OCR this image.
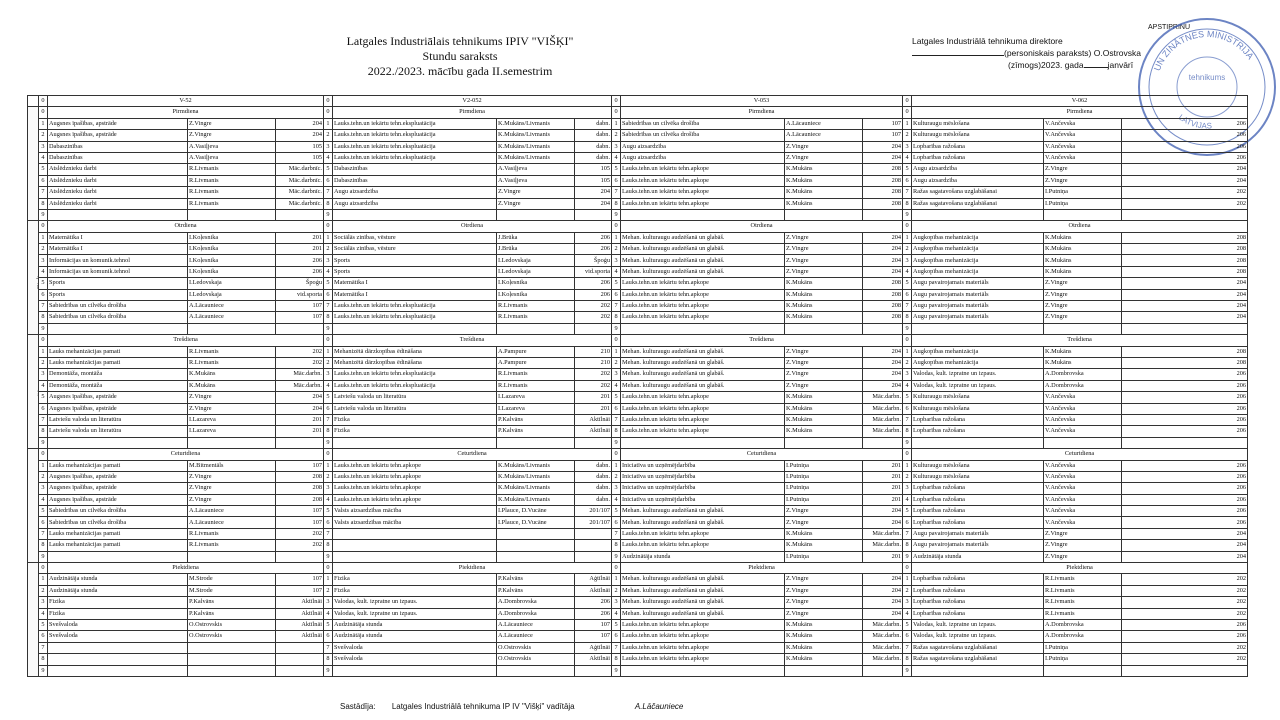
Latgales Industriālais tehnikums IPIV "VIŠĶI"
Stundu saraksts
2022./2023. mācību gada II.semestrim
APSTIPRINU
Latgales Industriālā tehnikuma direktore
(personiskais paraksts) O.Ostrovska
(zīmogs)2023. gada	janvārī	UN ZINĀTNES MINISTRIJA
tehnikums
LATVIJAS
	0	V-52			0	V2-052			0	V-053			0	V-062		
	0	Pirmdiena			0	Pirmdiena			0	Pirmdiena			0	Pirmdiena		
	1	Augsnes īpašības, apstrāde	Z.Vingre	204	1	Lauks.tehn.un iekārtu tehn.ekspluatācija	K.Mukāns/Livmanis	dabn.	1	Sabiedrības un cilvēka drošība	A.Lācauniece	107	1	Kulturaugu mēslošana	V.Ančevska	206
	2	Augsnes īpašības, apstrāde	Z.Vingre	204	2	Lauks.tehn.un iekārtu tehn.ekspluatācija	K.Mukāns/Livmanis	dabn.	2	Sabiedrības un cilvēka drošība	A.Lācauniece	107	2	Kulturaugu mēslošana	V.Ančevska	206
	3	Dabaszinības	A.Vasiļjeva	105	3	Lauks.tehn.un iekārtu tehn.ekspluatācija	K.Mukāns/Livmanis	dabn.	3	Augu aizsardzība	Z.Vingre	204	3	Lopbarības ražošana	V.Ančevska	206
	4	Dabaszinības	A.Vasiļjeva	105	4	Lauks.tehn.un iekārtu tehn.ekspluatācija	K.Mukāns/Livmanis	dabn.	4	Augu aizsardzība	Z.Vingre	204	4	Lopbarības ražošana	V.Ančevska	206
	5	Atslēdznieku darbi	R.Livmanis	Māc.darbnīc.	5	Dabaszinības	A.Vasiļjeva	105	5	Lauks.tehn.un iekārtu tehn.apkope	K.Mukāns	208	5	Augu aizsardzība	Z.Vingre	204
	6	Atslēdznieku darbi	R.Livmanis	Māc.darbnīc.	6	Dabaszinības	A.Vasiļjeva	105	6	Lauks.tehn.un iekārtu tehn.apkope	K.Mukāns	208	6	Augu aizsardzība	Z.Vingre	204
	7	Atslēdznieku darbi	R.Livmanis	Māc.darbnīc.	7	Augu aizsardzība	Z.Vingre	204	7	Lauks.tehn.un iekārtu tehn.apkope	K.Mukāns	208	7	Ražas sagatavošana uzglabāšanai	I.Putniņa	202
	8	Atslēdznieku darbi	R.Livmanis	Māc.darbnīc.	8	Augu aizsardzība	Z.Vingre	204	8	Lauks.tehn.un iekārtu tehn.apkope	K.Mukāns	208	8	Ražas sagatavošana uzglabāšanai	I.Putniņa	202
	9				9				9				9			
Otrdiena	0	Otrdiena			0	Otrdiena			0	Otrdiena			0	Otrdiena		
	1	Matemātika I	I.Koļesnika	201	1	Sociālās zinības, vēsture	J.Brūka	206	1	Mehan. kulturaugu audzēšanā un glabāš.	Z.Vingre	204	1	Augkopības mehanizācija	K.Mukāns	208
	2	Matemātika I	I.Koļesnika	201	2	Sociālās zinības, vēsture	J.Brūka	206	2	Mehan. kulturaugu audzēšanā un glabāš.	Z.Vingre	204	2	Augkopības mehanizācija	K.Mukāns	208
	3	Informācijas un komunik.tehnol	I.Koļesnika	206	3	Sports	I.Ledovskaja	Špoģu	3	Mehan. kulturaugu audzēšanā un glabāš.	Z.Vingre	204	3	Augkopības mehanizācija	K.Mukāns	208
	4	Informācijas un komunik.tehnol	I.Koļesnika	206	4	Sports	I.Ledovskaja	vid.sporta	4	Mehan. kulturaugu audzēšanā un glabāš.	Z.Vingre	204	4	Augkopības mehanizācija	K.Mukāns	208
	5	Sports	I.Ledovskaja	Špoģu	5	Matemātika I	I.Koļesnika	206	5	Lauks.tehn.un iekārtu tehn.apkope	K.Mukāns	208	5	Augu pavairojamais materiāls	Z.Vingre	204
	6	Sports	I.Ledovskaja	vid.sporta	6	Matemātika I	I.Koļesnika	206	6	Lauks.tehn.un iekārtu tehn.apkope	K.Mukāns	208	6	Augu pavairojamais materiāls	Z.Vingre	204
	7	Sabiedrības un cilvēka drošība	A.Lācauniece	107	7	Lauks.tehn.un iekārtu tehn.ekspluatācija	R.Livmanis	202	7	Lauks.tehn.un iekārtu tehn.apkope	K.Mukāns	208	7	Augu pavairojamais materiāls	Z.Vingre	204
	8	Sabiedrības un cilvēka drošība	A.Lācauniece	107	8	Lauks.tehn.un iekārtu tehn.ekspluatācija	R.Livmanis	202	8	Lauks.tehn.un iekārtu tehn.apkope	K.Mukāns	208	8	Augu pavairojamais materiāls	Z.Vingre	204
	9				9				9				9			
	0	Trešdiena			0	Trešdiena			0	Trešdiena			0	Trešdiena		
	1	Lauks mehanizācijas pamati	R.Livmanis	202	1	Mehanizētā dārzkopības ēdināšana	A.Pampure	210	1	Mehan. kulturaugu audzēšanā un glabāš.	Z.Vingre	204	1	Augkopības mehanizācija	K.Mukāns	208
	2	Lauks mehanizācijas pamati	R.Livmanis	202	2	Mehanizētā dārzkopības ēdināšana	A.Pampure	210	2	Mehan. kulturaugu audzēšanā un glabāš.	Z.Vingre	204	2	Augkopības mehanizācija	K.Mukāns	208
	3	Demontāža, montāža	K.Mukāns	Māc.darbn.	3	Lauks.tehn.un iekārtu tehn.ekspluatācija	R.Livmanis	202	3	Mehan. kulturaugu audzēšanā un glabāš.	Z.Vingre	204	3	Valodas, kult. izpratne un izpaus.	A.Dombrovska	206
	4	Demontāža, montāža	K.Mukāns	Māc.darbn.	4	Lauks.tehn.un iekārtu tehn.ekspluatācija	R.Livmanis	202	4	Mehan. kulturaugu audzēšanā un glabāš.	Z.Vingre	204	4	Valodas, kult. izpratne un izpaus.	A.Dombrovska	206
	5	Augsnes īpašības, apstrāde	Z.Vingre	204	5	Latviešu valoda un literatūra	I.Lazareva	201	5	Lauks.tehn.un iekārtu tehn.apkope	K.Mukāns	Māc.darbn.	5	Kulturaugu mēslošana	V.Ančevska	206
	6	Augsnes īpašības, apstrāde	Z.Vingre	204	6	Latviešu valoda un literatūra	I.Lazareva	201	6	Lauks.tehn.un iekārtu tehn.apkope	K.Mukāns	Māc.darbn.	6	Kulturaugu mēslošana	V.Ančevska	206
	7	Latviešu valoda un literatūra	I.Lazareva	201	7	Fizika	P.Kalvāns	Aktīlnāi	7	Lauks.tehn.un iekārtu tehn.apkope	K.Mukāns	Māc.darbn.	7	Lopbarības ražošana	V.Ančevska	206
	8	Latviešu valoda un literatūra	I.Lazareva	201	8	Fizika	P.Kalvāns	Aktīlnāi	8	Lauks.tehn.un iekārtu tehn.apkope	K.Mukāns	Māc.darbn.	8	Lopbarības ražošana	V.Ančevska	206
	9				9				9				9			
	0	Ceturtdiena			0	Ceturtdiena			0	Ceturtdiena			0	Ceturtdiena		
	1	Lauks mehanizācijas pamati	M.Bitmentāls	107	1	Lauks.tehn.un iekārtu tehn.apkope	K.Mukāns/Livmanis	dabn.	1	Iniciatīva un uzņēmējdarbība	I.Putniņa	201	1	Kulturaugu mēslošana	V.Ančevska	206
	2	Augsnes īpašības, apstrāde	Z.Vingre	208	2	Lauks.tehn.un iekārtu tehn.apkope	K.Mukāns/Livmanis	dabn.	2	Iniciatīva un uzņēmējdarbība	I.Putniņa	201	2	Kulturaugu mēslošana	V.Ančevska	206
	3	Augsnes īpašības, apstrāde	Z.Vingre	208	3	Lauks.tehn.un iekārtu tehn.apkope	K.Mukāns/Livmanis	dabn.	3	Iniciatīva un uzņēmējdarbība	I.Putniņa	201	3	Lopbarības ražošana	V.Ančevska	206
	4	Augsnes īpašības, apstrāde	Z.Vingre	208	4	Lauks.tehn.un iekārtu tehn.apkope	K.Mukāns/Livmanis	dabn.	4	Iniciatīva un uzņēmējdarbība	I.Putniņa	201	4	Lopbarības ražošana	V.Ančevska	206
	5	Sabiedrības un cilvēka drošība	A.Lācauniece	107	5	Valsts aizsardzības mācība	I.Plauce, D.Vucāne	201/107	5	Mehan. kulturaugu audzēšanā un glabāš.	Z.Vingre	204	5	Lopbarības ražošana	V.Ančevska	206
	6	Sabiedrības un cilvēka drošība	A.Lācauniece	107	6	Valsts aizsardzības mācība	I.Plauce, D.Vucāne	201/107	6	Mehan. kulturaugu audzēšanā un glabāš.	Z.Vingre	204	6	Lopbarības ražošana	V.Ančevska	206
	7	Lauks mehanizācijas pamati	R.Livmanis	202	7				7	Lauks.tehn.un iekārtu tehn.apkope	K.Mukāns	Māc.darbn.	7	Augu pavairojamais materiāls	Z.Vingre	204
	8	Lauks mehanizācijas pamati	R.Livmanis	202	8				8	Lauks.tehn.un iekārtu tehn.apkope	K.Mukāns	Māc.darbn.	8	Augu pavairojamais materiāls	Z.Vingre	204
	9				9				9	Audzinātāja stunda	I.Putniņa	201	9	Audzinātāja stunda	Z.Vingre	204
	0	Piektdiena			0	Piektdiena			0	Piektdiena			0	Piektdiena		
	1	Audzinātāja stunda	M.Strode	107	1	Fizika	P.Kalvāns	Aģtīlnāi	1	Mehan. kulturaugu audzēšanā un glabāš.	Z.Vingre	204	1	Lopbarības ražošana	R.Livmanis	202
	2	Audzinātāja stunda	M.Strode	107	2	Fizika	P.Kalvāns	Aktīlnāi	2	Mehan. kulturaugu audzēšanā un glabāš.	Z.Vingre	204	2	Lopbarības ražošana	R.Livmanis	202
	3	Fizika	P.Kalvāns	Aktīlnāi	3	Valodas, kult. izpratne un izpaus.	A.Dombrovska	206	3	Mehan. kulturaugu audzēšanā un glabāš.	Z.Vingre	204	3	Lopbarības ražošana	R.Livmanis	202
	4	Fizika	P.Kalvāns	Aktīlnāi	4	Valodas, kult. izpratne un izpaus.	A.Dombrovska	206	4	Mehan. kulturaugu audzēšanā un glabāš.	Z.Vingre	204	4	Lopbarības ražošana	R.Livmanis	202
	5	Svešvaloda	O.Ostrovskis	Aktīlnāi	5	Audzinātāja stunda	A.Lācauniece	107	5	Lauks.tehn.un iekārtu tehn.apkope	K.Mukāns	Māc.darbn.	5	Valodas, kult. izpratne un izpaus.	A.Dombrovska	206
	6	Svešvaloda	O.Ostrovskis	Aktīlnāi	6	Audzinātāja stunda	A.Lācauniece	107	6	Lauks.tehn.un iekārtu tehn.apkope	K.Mukāns	Māc.darbn.	6	Valodas, kult. izpratne un izpaus.	A.Dombrovska	206
	7				7	Svešvaloda	O.Ostrovskis	Aģtīlnāi	7	Lauks.tehn.un iekārtu tehn.apkope	K.Mukāns	Māc.darbn.	7	Ražas sagatavošana uzglabāšanai	I.Putniņa	202
	8				8	Svešvaloda	O.Ostrovskis	Aktīlnāi	8	Lauks.tehn.un iekārtu tehn.apkope	K.Mukāns	Māc.darbn.	8	Ražas sagatavošana uzglabāšanai	I.Putniņa	202
	9				9				9				9			
Sastādīja: Latgales Industriālā tehnikuma IP IV "Višķi" vadītāja	A.Lāčauniece
